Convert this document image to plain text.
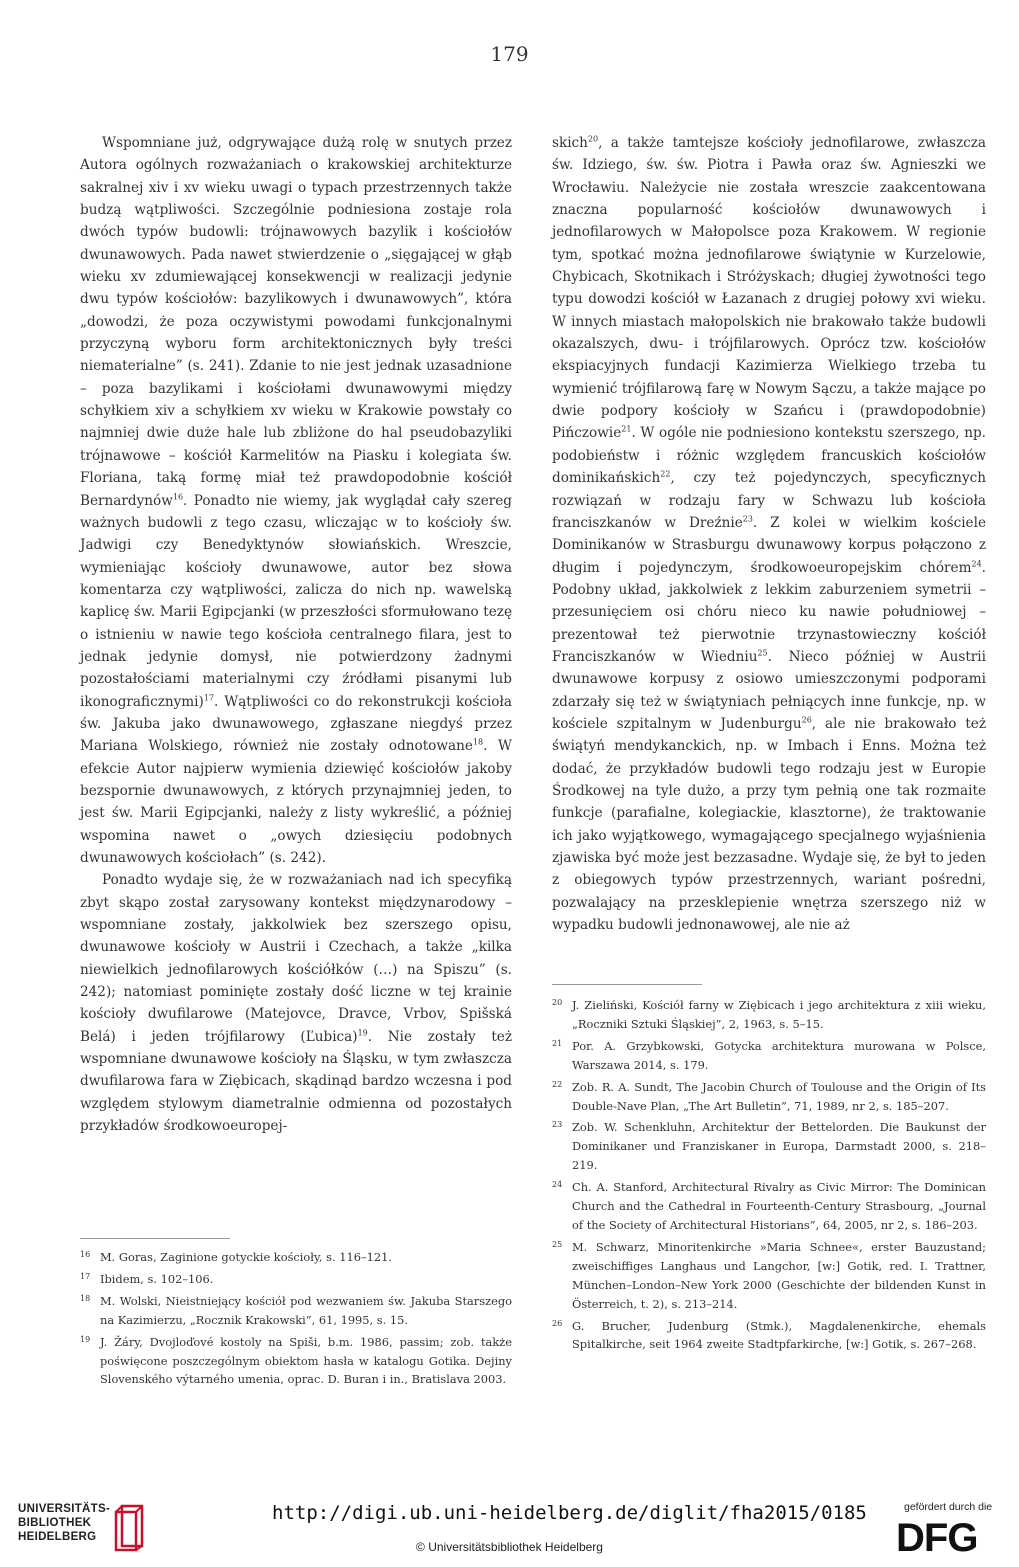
179

Wspomniane już, odgrywające dużą rolę w snutych przez Autora ogólnych rozważaniach o krakowskiej architekturze sakralnej xiv i xv wieku uwagi o typach przestrzennych także budzą wątpliwości. Szczególnie podniesiona zostaje rola dwóch typów budowli: trójnawowych bazylik i kościołów dwunawowych. Pada nawet stwierdzenie o „sięgającej w głąb wieku xv zdumiewającej konsekwencji w realizacji jedynie dwu typów kościołów: bazylikowych i dwunawowych”, która „dowodzi, że poza oczywistymi powodami funkcjonalnymi przyczyną wyboru form architektonicznych były treści niematerialne” (s. 241). Zdanie to nie jest jednak uzasadnione – poza bazylikami i kościołami dwunawowymi między schyłkiem xiv a schyłkiem xv wieku w Krakowie powstały co najmniej dwie duże hale lub zbliżone do hal pseudobazyliki trójnawowe – kościół Karmelitów na Piasku i kolegiata św. Floriana, taką formę miał też prawdopodobnie kościół Bernardynów$^{16}$. Ponadto nie wiemy, jak wyglądał cały szereg ważnych budowli z tego czasu, wliczając w to kościoły św. Jadwigi czy Benedyktynów słowiańskich. Wreszcie, wymieniając kościoły dwunawowe, autor bez słowa komentarza czy wątpliwości, zalicza do nich np. wawelską kaplicę św. Marii Egipcjanki (w przeszłości sformułowano tezę o istnieniu w nawie tego kościoła centralnego filara, jest to jednak jedynie domysł, nie potwierdzony żadnymi pozostałościami materialnymi czy źródłami pisanymi lub ikonograficznymi)$^{17}$. Wątpliwości co do rekonstrukcji kościoła św. Jakuba jako dwunawowego, zgłaszane niegdyś przez Mariana Wolskiego, również nie zostały odnotowane$^{18}$. W efekcie Autor najpierw wymienia dziewięć kościołów jakoby bezspornie dwunawowych, z których przynajmniej jeden, to jest św. Marii Egipcjanki, należy z listy wykreślić, a później wspomina nawet o „owych dziesięciu podobnych dwunawowych kościołach” (s. 242).

Ponadto wydaje się, że w rozważaniach nad ich specyfiką zbyt skąpo został zarysowany kontekst międzynarodowy – wspomniane zostały, jakkolwiek bez szerszego opisu, dwunawowe kościoły w Austrii i Czechach, a także „kilka niewielkich jednofilarowych kościółków (…) na Spiszu” (s. 242); natomiast pominięte zostały dość liczne w tej krainie kościoły dwufilarowe (Matejovce, Dravce, Vrbov, Spišská Belá) i jeden trójfilarowy (Ľubica)$^{19}$. Nie zostały też wspomniane dwunawowe kościoły na Śląsku, w tym zwłaszcza dwufilarowa fara w Ziębicach, skądinąd bardzo wczesna i pod względem stylowym diametralnie odmienna od pozostałych przykładów środkowoeuropej-

skich$^{20}$, a także tamtejsze kościoły jednofilarowe, zwłaszcza św. Idziego, św. św. Piotra i Pawła oraz św. Agnieszki we Wrocławiu. Należycie nie została wreszcie zaakcentowana znaczna popularność kościołów dwunawowych i jednofilarowych w Małopolsce poza Krakowem. W regionie tym, spotkać można jednofilarowe świątynie w Kurzelowie, Chybicach, Skotnikach i Stróżyskach; długiej żywotności tego typu dowodzi kościół w Łazanach z drugiej połowy xvi wieku. W innych miastach małopolskich nie brakowało także budowli okazalszych, dwu- i trójfilarowych. Oprócz tzw. kościołów ekspiacyjnych fundacji Kazimierza Wielkiego trzeba tu wymienić trójfilarową farę w Nowym Sączu, a także mające po dwie podpory kościoły w Szańcu i (prawdopodobnie) Pińczowie$^{21}$. W ogóle nie podniesiono kontekstu szerszego, np. podobieństw i różnic względem francuskich kościołów dominikańskich$^{22}$, czy też pojedynczych, specyficznych rozwiązań w rodzaju fary w Schwazu lub kościoła franciszkanów w Dreźnie$^{23}$. Z kolei w wielkim kościele Dominikanów w Strasburgu dwunawowy korpus połączono z długim i pojedynczym, środkowoeuropejskim chórem$^{24}$. Podobny układ, jakkolwiek z lekkim zaburzeniem symetrii – przesunięciem osi chóru nieco ku nawie południowej – prezentował też pierwotnie trzynastowieczny kościół Franciszkanów w Wiedniu$^{25}$. Nieco później w Austrii dwunawowe korpusy z osiowo umieszczonymi podporami zdarzały się też w świątyniach pełniących inne funkcje, np. w kościele szpitalnym w Judenburgu$^{26}$, ale nie brakowało też świątyń mendykanckich, np. w Imbach i Enns. Można też dodać, że przykładów budowli tego rodzaju jest w Europie Środkowej na tyle dużo, a przy tym pełnią one tak rozmaite funkcje (parafialne, kolegiackie, klasztorne), że traktowanie ich jako wyjątkowego, wymagającego specjalnego wyjaśnienia zjawiska być może jest bezzasadne. Wydaje się, że był to jeden z obiegowych typów przestrzennych, wariant pośredni, pozwalający na przesklepienie wnętrza szerszego niż w wypadku budowli jednonawowej, ale nie aż

16 M. Goras, Zaginione gotyckie kościoły, s. 116–121.
17 Ibidem, s. 102–106.
18 M. Wolski, Nieistniejący kościół pod wezwaniem św. Jakuba Starszego na Kazimierzu, „Rocznik Krakowski”, 61, 1995, s. 15.
19 J. Žáry, Dvojloďové kostoly na Spiši, b.m. 1986, passim; zob. także poświęcone poszczególnym obiektom hasła w katalogu Gotika. Dejiny Slovenského výtarného umenia, oprac. D. Buran i in., Bratislava 2003.
20 J. Zieliński, Kościół farny w Ziębicach i jego architektura z xiii wieku, „Roczniki Sztuki Śląskiej”, 2, 1963, s. 5–15.
21 Por. A. Grzybkowski, Gotycka architektura murowana w Polsce, Warszawa 2014, s. 179.
22 Zob. R. A. Sundt, The Jacobin Church of Toulouse and the Origin of Its Double-Nave Plan, „The Art Bulletin”, 71, 1989, nr 2, s. 185–207.
23 Zob. W. Schenkluhn, Architektur der Bettelorden. Die Baukunst der Dominikaner und Franziskaner in Europa, Darmstadt 2000, s. 218–219.
24 Ch. A. Stanford, Architectural Rivalry as Civic Mirror: The Dominican Church and the Cathedral in Fourteenth-Century Strasbourg, „Journal of the Society of Architectural Historians”, 64, 2005, nr 2, s. 186–203.
25 M. Schwarz, Minoritenkirche »Maria Schnee«, erster Bauzustand; zweischiffiges Langhaus und Langchor, [w:] Gotik, red. I. Trattner, München–London–New York 2000 (Geschichte der bildenden Kunst in Österreich, t. 2), s. 213–214.
26 G. Brucher, Judenburg (Stmk.), Magdalenenkirche, ehemals Spitalkirche, seit 1964 zweite Stadtpfarkirche, [w:] Gotik, s. 267–268.
UNIVERSITÄTS-
BIBLIOTHEK
HEIDELBERG
http://digi.ub.uni-heidelberg.de/diglit/fha2015/0185
© Universitätsbibliothek Heidelberg
gefördert durch die
DFG
